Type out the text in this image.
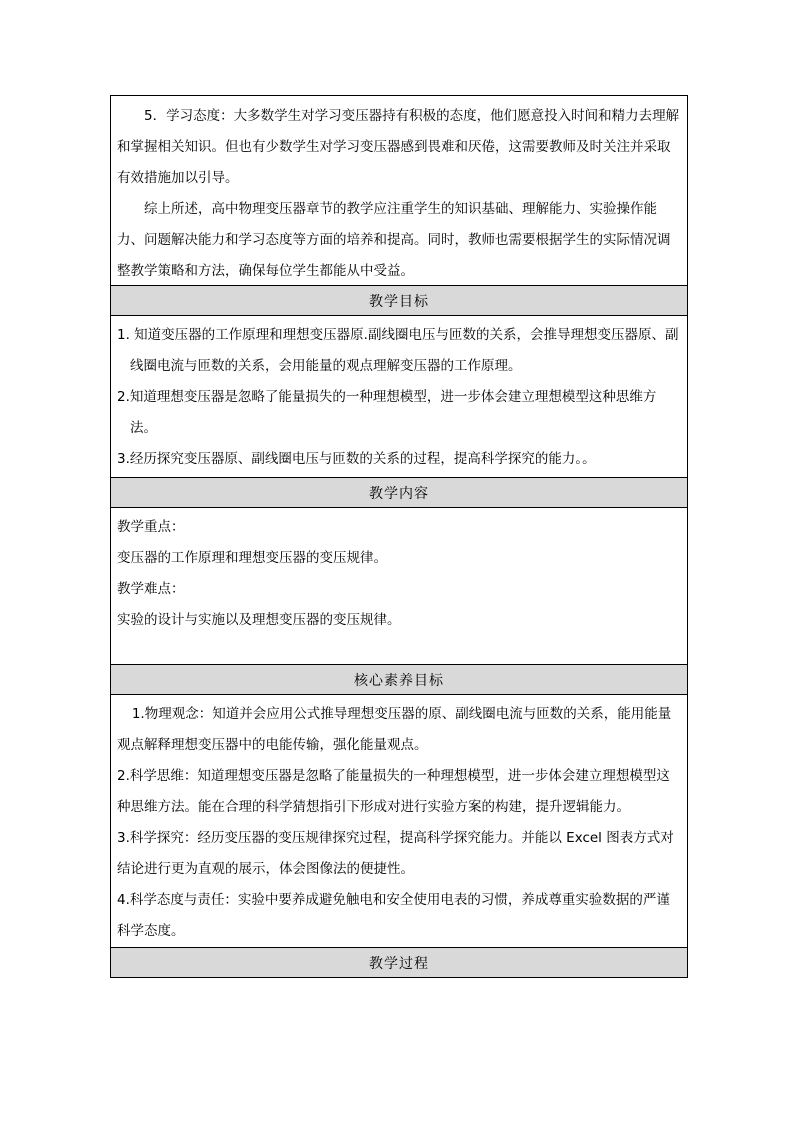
5．学习态度：大多数学生对学习变压器持有积极的态度，他们愿意投入时间和精力去理解和掌握相关知识。但也有少数学生对学习变压器感到畏难和厌倦，这需要教师及时关注并采取有效措施加以引导。

综上所述，高中物理变压器章节的教学应注重学生的知识基础、理解能力、实验操作能力、问题解决能力和学习态度等方面的培养和提高。同时，教师也需要根据学生的实际情况调整教学策略和方法，确保每位学生都能从中受益。

教学目标

1. 知道变压器的工作原理和理想变压器原.副线圈电压与匝数的关系，会推导理想变压器原、副线圈电流与匝数的关系，会用能量的观点理解变压器的工作原理。

2.知道理想变压器是忽略了能量损失的一种理想模型，进一步体会建立理想模型这种思维方法。

3.经历探究变压器原、副线圈电压与匝数的关系的过程，提高科学探究的能力。。

教学内容

教学重点：

变压器的工作原理和理想变压器的变压规律。

教学难点：

实验的设计与实施以及理想变压器的变压规律。

核心素养目标

1.物理观念：知道并会应用公式推导理想变压器的原、副线圈电流与匝数的关系，能用能量观点解释理想变压器中的电能传输，强化能量观点。

2.科学思维：知道理想变压器是忽略了能量损失的一种理想模型，进一步体会建立理想模型这种思维方法。能在合理的科学猜想指引下形成对进行实验方案的构建，提升逻辑能力。

3.科学探究：经历变压器的变压规律探究过程，提高科学探究能力。并能以 Excel 图表方式对结论进行更为直观的展示，体会图像法的便捷性。

4.科学态度与责任：实验中要养成避免触电和安全使用电表的习惯，养成尊重实验数据的严谨科学态度。

教学过程
